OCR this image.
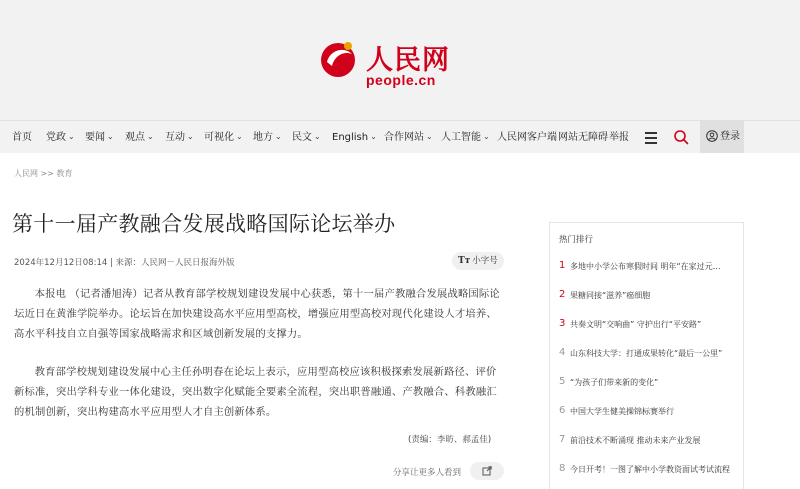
人民网
people.cn
首页 党政 ⌄ 要闻 ⌄ 观点 ⌄ 互动 ⌄ 可视化 ⌄ 地方 ⌄ 民文 ⌄ English ⌄ 合作网站 ⌄ 人工智能 ⌄ 人民网客户端 网站无障碍 举报	登录
人民网 >> 教育
第十一届产教融合发展战略国际论坛举办
2024年12月12日08:14 | 来源：人民网－人民日报海外版	Tт 小字号

本报电 （记者潘旭涛）记者从教育部学校规划建设发展中心获悉，第十一届产教融合发展战略国际论坛近日在黄淮学院举办。论坛旨在加快建设高水平应用型高校，增强应用型高校对现代化建设人才培养、高水平科技自立自强等国家战略需求和区域创新发展的支撑力。

教育部学校规划建设发展中心主任孙明春在论坛上表示，应用型高校应该积极探索发展新路径、评价新标准，突出学科专业一体化建设，突出数字化赋能全要素全流程，突出职普融通、产教融合、科教融汇的机制创新，突出构建高水平应用型人才自主创新体系。

(责编：李昉、郝孟佳)
分享让更多人看到
热门排行
1 多地中小学公布寒假时间 明年“在家过元…
2 果糖同接“滋养”癌细胞
3 共奏文明“交响曲” 守护出行“平安路”
4 山东科技大学：打通成果转化“最后一公里”
5 “为孩子们带来新的变化”
6 中国大学生健美操锦标赛举行
7 前沿技术不断涌现 推动未来产业发展
8 今日开考！一图了解中小学教资面试考试流程
